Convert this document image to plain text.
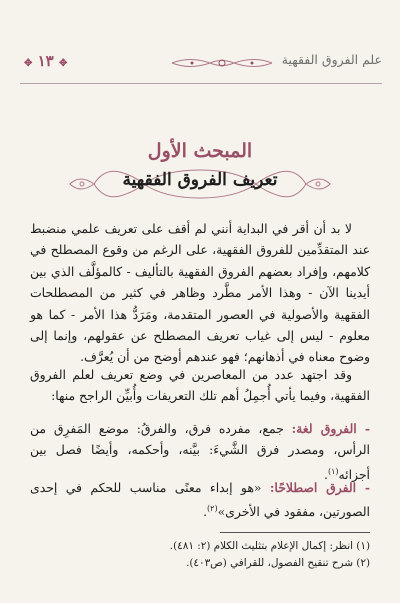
✥ ١٣ ✥	علم الفروق الفقهية
المبحث الأول
تعريف الفروق الفقهية

لا بد أن أقر في البداية أنني لم أقف على تعريف علمي منضبط عند المتقدِّمين للفروق الفقهية، على الرغم من وقوع المصطلح في كلامهم، وإفراد بعضهم الفروق الفقهية بالتأليف - كالمؤلَّف الذي بين أيدينا الآن - وهذا الأمر مطَّرد وظاهر في كثير من المصطلحات الفقهية والأصولية في العصور المتقدمة، ومَرَدُّ هذا الأمر - كما هو معلوم - ليس إلى غياب تعريف المصطلح عن عقولهم، وإنما إلى وضوح معناه في أذهانهم؛ فهو عندهم أوضح من أن يُعرَّف.

وقد اجتهد عدد من المعاصرين في وضع تعريف لعلم الفروق الفقهية، وفيما يأتي أُجمِلُ أهم تلك التعريفات وأُبيِّن الراجح منها:

- الفروق لغة: جمع، مفرده فرق، والفرقُ: موضع المَفرِق من الرأس، ومصدر فرق الشَّيءَ: بيَّنه، وأحكمه، وأيضًا فصل بين أجزائه$^{(١)}$.
- الفرق اصطلاحًا: «هو إبداء معنًى مناسب للحكم في إحدى الصورتين، مفقود في الأخرى»$^{(٢)}$.
(١) انظر: إكمال الإعلام بتثليث الكلام (٢: ٤٨١).
(٢) شرح تنقيح الفصول، للقرافي (ص٤٠٣).
